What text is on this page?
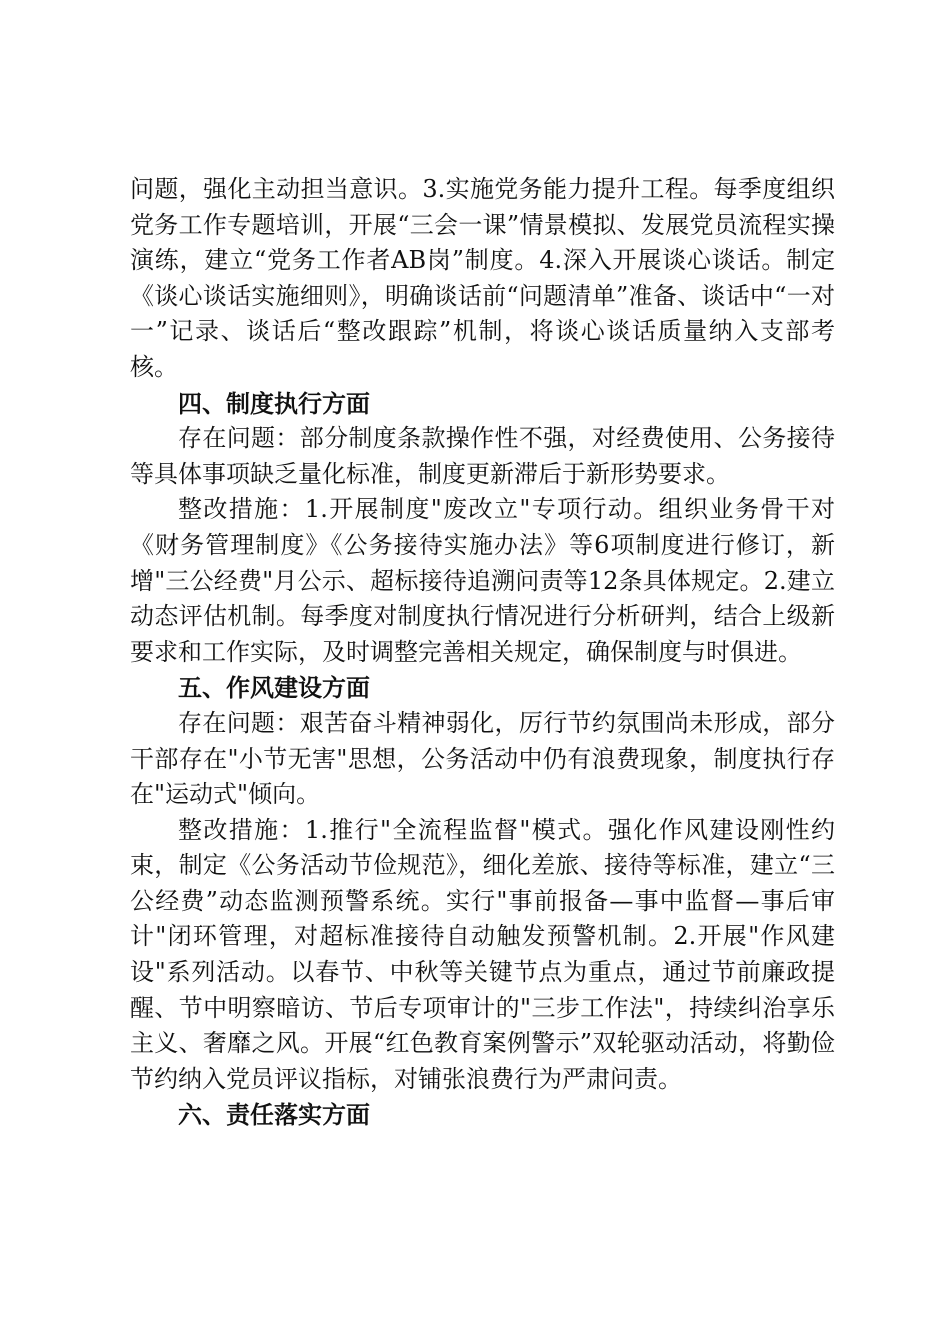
问题，强化主动担当意识。3.实施党务能力提升工程。每季度组织党务工作专题培训，开展“三会一课”情景模拟、发展党员流程实操演练，建立“党务工作者AB岗”制度。4.深入开展谈心谈话。制定《谈心谈话实施细则》，明确谈话前“问题清单”准备、谈话中“一对一”记录、谈话后“整改跟踪”机制，将谈心谈话质量纳入支部考核。

四、制度执行方面

存在问题：部分制度条款操作性不强，对经费使用、公务接待等具体事项缺乏量化标准，制度更新滞后于新形势要求。

整改措施：1.开展制度"废改立"专项行动。组织业务骨干对《财务管理制度》《公务接待实施办法》等6项制度进行修订，新增"三公经费"月公示、超标接待追溯问责等12条具体规定。2.建立动态评估机制。每季度对制度执行情况进行分析研判，结合上级新要求和工作实际，及时调整完善相关规定，确保制度与时俱进。

五、作风建设方面

存在问题：艰苦奋斗精神弱化，厉行节约氛围尚未形成，部分干部存在"小节无害"思想，公务活动中仍有浪费现象，制度执行存在"运动式"倾向。

整改措施：1.推行"全流程监督"模式。强化作风建设刚性约束，制定《公务活动节俭规范》，细化差旅、接待等标准，建立“三公经费”动态监测预警系统。实行"事前报备—事中监督—事后审计"闭环管理，对超标准接待自动触发预警机制。2.开展"作风建设"系列活动。以春节、中秋等关键节点为重点，通过节前廉政提醒、节中明察暗访、节后专项审计的"三步工作法"，持续纠治享乐主义、奢靡之风。开展“红色教育案例警示”双轮驱动活动，将勤俭节约纳入党员评议指标，对铺张浪费行为严肃问责。

六、责任落实方面
